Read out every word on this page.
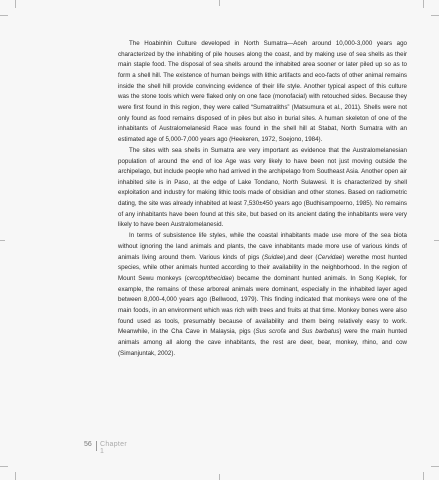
The Hoabinhin Culture developed in North Sumatra—Aceh around 10,000-3,000 years ago characterized by the inhabiting of pile houses along the coast, and by making use of sea shells as their main staple food. The disposal of sea shells around the inhabited area sooner or later piled up so as to form a shell hill. The existence of human beings with lithic artifacts and eco-facts of other animal remains inside the shell hill provide convincing evidence of their life style. Another typical aspect of this culture was the stone tools which were flaked only on one face (monofacial) with retouched sides. Because they were first found in this region, they were called “Sumatraliths” (Matsumura et al., 2011). Shells were not only found as food remains disposed of in piles but also in burial sites. A human skeleton of one of the inhabitants of Australomelanesid Race was found in the shell hill at Stabat, North Sumatra with an estimated age of 5,000-7,000 years ago (Heekeren, 1972, Soejono, 1984).

The sites with sea shells in Sumatra are very important as evidence that the Australomelanesian population of around the end of Ice Age was very likely to have been not just moving outside the archipelago, but include people who had arrived in the archipelago from Southeast Asia. Another open air inhabited site is in Paso, at the edge of Lake Tondano, North Sulawesi. It is characterized by shell exploitation and industry for making lithic tools made of obsidian and other stones. Based on radiometric dating, the site was already inhabited at least 7,530±450 years ago (Budhisampoerno, 1985). No remains of any inhabitants have been found at this site, but based on its ancient dating the inhabitants were very likely to have been Australomelanesid.

In terms of subsistence life styles, while the coastal inhabitants made use more of the sea biota without ignoring the land animals and plants, the cave inhabitants made more use of various kinds of animals living around them. Various kinds of pigs (Suidae),and deer (Cervidae) werethe most hunted species, while other animals hunted according to their availability in the neighborhood. In the region of Mount Sewu monkeys (cercophthecidae) became the dominant hunted animals. In Song Keplek, for example, the remains of these arboreal animals were dominant, especially in the inhabited layer aged between 8,000-4,000 years ago (Bellwood, 1979). This finding indicated that monkeys were one of the main foods, in an environment which was rich with trees and fruits at that time. Monkey bones were also found used as tools, presumably because of availability and them being relatively easy to work. Meanwhile, in the Cha Cave in Malaysia, pigs (Sus scrofa and Sus barbatus) were the main hunted animals among all along the cave inhabitants, the rest are deer, bear, monkey, rhino, and cow (Simanjuntak, 2002).

56 Chapter 1
